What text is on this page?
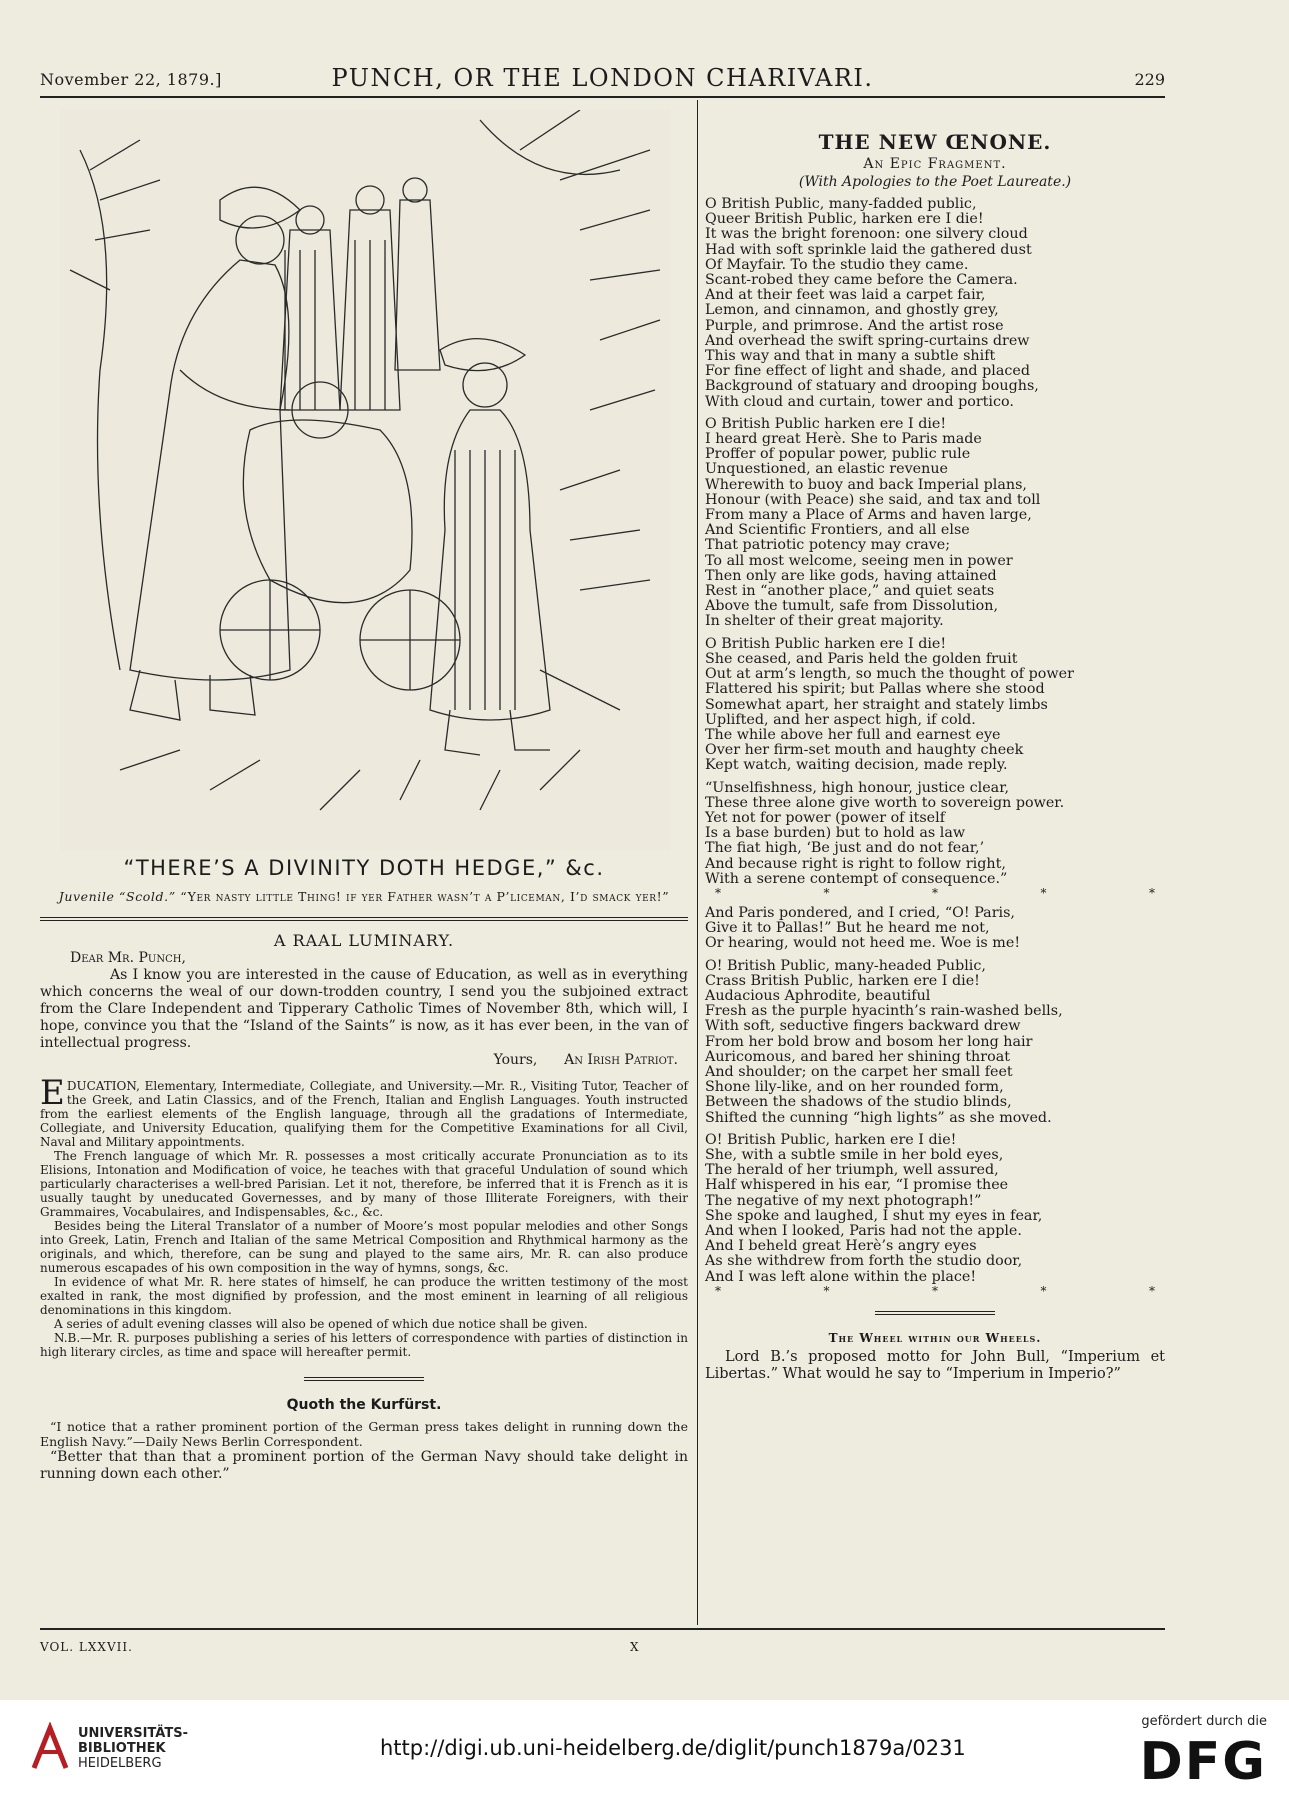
November 22, 1879.]	PUNCH, OR THE LONDON CHARIVARI.	229
“THERE’S A DIVINITY DOTH HEDGE,” &c.
Juvenile “Scold.” “Yer nasty little Thing! if yer Father wasn’t a P’liceman, I’d smack yer!”
A RAAL LUMINARY.

Dear Mr. Punch,

As I know you are interested in the cause of Education, as well as in everything which concerns the weal of our down-trodden country, I send you the subjoined extract from the Clare Independent and Tipperary Catholic Times of November 8th, which will, I hope, convince you that the “Island of the Saints” is now, as it has ever been, in the van of intellectual progress.

Yours, An Irish Patriot.

EDUCATION, Elementary, Intermediate, Collegiate, and University.—Mr. R., Visiting Tutor, Teacher of the Greek, and Latin Classics, and of the French, Italian and English Languages. Youth instructed from the earliest elements of the English language, through all the gradations of Intermediate, Collegiate, and University Education, qualifying them for the Competitive Examinations for all Civil, Naval and Military appointments.

The French language of which Mr. R. possesses a most critically accurate Pronunciation as to its Elisions, Intonation and Modification of voice, he teaches with that graceful Undulation of sound which particularly characterises a well-bred Parisian. Let it not, therefore, be inferred that it is French as it is usually taught by uneducated Governesses, and by many of those Illiterate Foreigners, with their Grammaires, Vocabulaires, and Indispensables, &c., &c.

Besides being the Literal Translator of a number of Moore’s most popular melodies and other Songs into Greek, Latin, French and Italian of the same Metrical Composition and Rhythmical harmony as the originals, and which, therefore, can be sung and played to the same airs, Mr. R. can also produce numerous escapades of his own composition in the way of hymns, songs, &c.

In evidence of what Mr. R. here states of himself, he can produce the written testimony of the most exalted in rank, the most dignified by profession, and the most eminent in learning of all religious denominations in this kingdom.

A series of adult evening classes will also be opened of which due notice shall be given.

N.B.—Mr. R. purposes publishing a series of his letters of correspondence with parties of distinction in high literary circles, as time and space will hereafter permit.

Quoth the Kurfürst.

“I notice that a rather prominent portion of the German press takes delight in running down the English Navy.”—Daily News Berlin Correspondent.

“Better that than that a prominent portion of the German Navy should take delight in running down each other.”

THE NEW ŒNONE.

An Epic Fragment.

(With Apologies to the Poet Laureate.)

O British Public, many-fadded public,
Queer British Public, harken ere I die!
It was the bright forenoon: one silvery cloud
Had with soft sprinkle laid the gathered dust
Of Mayfair. To the studio they came.
Scant-robed they came before the Camera.
And at their feet was laid a carpet fair,
Lemon, and cinnamon, and ghostly grey,
Purple, and primrose. And the artist rose
And overhead the swift spring-curtains drew
This way and that in many a subtle shift
For fine effect of light and shade, and placed
Background of statuary and drooping boughs,
With cloud and curtain, tower and portico.
O British Public harken ere I die!
I heard great Herè. She to Paris made
Proffer of popular power, public rule
Unquestioned, an elastic revenue
Wherewith to buoy and back Imperial plans,
Honour (with Peace) she said, and tax and toll
From many a Place of Arms and haven large,
And Scientific Frontiers, and all else
That patriotic potency may crave;
To all most welcome, seeing men in power
Then only are like gods, having attained
Rest in “another place,” and quiet seats
Above the tumult, safe from Dissolution,
In shelter of their great majority.
O British Public harken ere I die!
She ceased, and Paris held the golden fruit
Out at arm’s length, so much the thought of power
Flattered his spirit; but Pallas where she stood
Somewhat apart, her straight and stately limbs
Uplifted, and her aspect high, if cold.
The while above her full and earnest eye
Over her firm-set mouth and haughty cheek
Kept watch, waiting decision, made reply.
“Unselfishness, high honour, justice clear,
These three alone give worth to sovereign power.
Yet not for power (power of itself
Is a base burden) but to hold as law
The fiat high, ‘Be just and do not fear,’
And because right is right to follow right,
With a serene contempt of consequence.”
*	*	*	*	*
And Paris pondered, and I cried, “O! Paris,
Give it to Pallas!” But he heard me not,
Or hearing, would not heed me. Woe is me!
O! British Public, many-headed Public,
Crass British Public, harken ere I die!
Audacious Aphrodite, beautiful
Fresh as the purple hyacinth’s rain-washed bells,
With soft, seductive fingers backward drew
From her bold brow and bosom her long hair
Auricomous, and bared her shining throat
And shoulder; on the carpet her small feet
Shone lily-like, and on her rounded form,
Between the shadows of the studio blinds,
Shifted the cunning “high lights” as she moved.
O! British Public, harken ere I die!
She, with a subtle smile in her bold eyes,
The herald of her triumph, well assured,
Half whispered in his ear, “I promise thee
The negative of my next photograph!”
She spoke and laughed, I shut my eyes in fear,
And when I looked, Paris had not the apple.
And I beheld great Herè’s angry eyes
As she withdrew from forth the studio door,
And I was left alone within the place!
*	*	*	*	*
The Wheel within our Wheels.
Lord B.’s proposed motto for John Bull, “Imperium et Libertas.” What would he say to “Imperium in Imperio?”
VOL. LXXVII.	X
UNIVERSITÄTS-
BIBLIOTHEK
HEIDELBERG
http://digi.ub.uni-heidelberg.de/diglit/punch1879a/0231
gefördert durch die
DFG
